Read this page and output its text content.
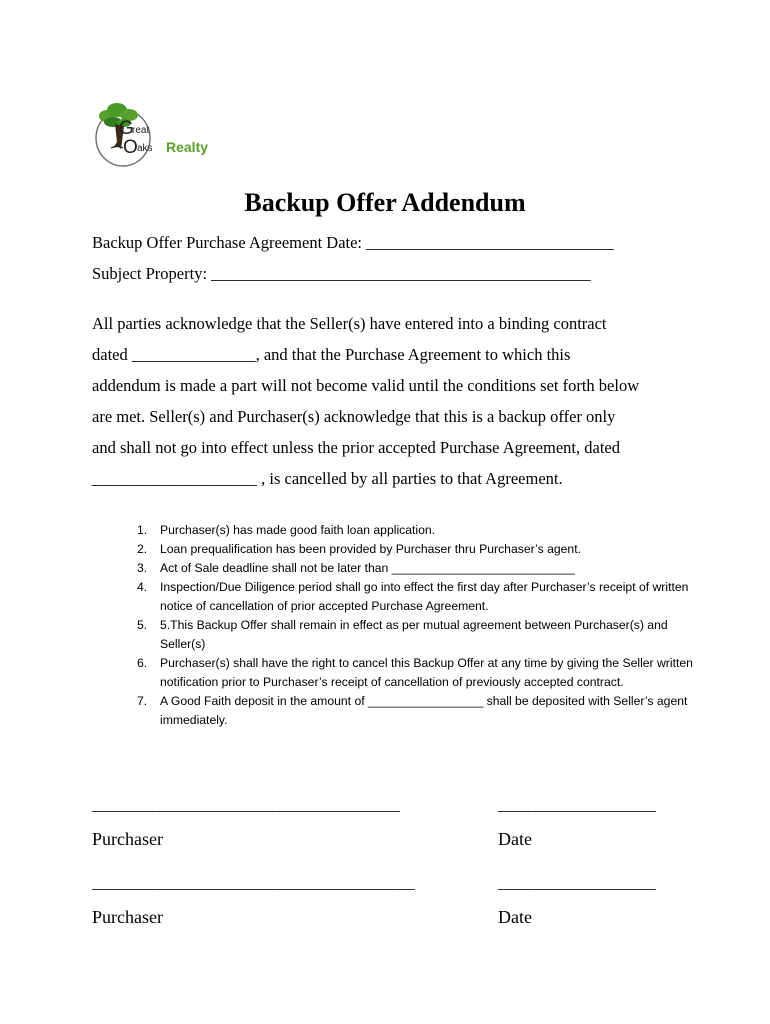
G
reat
O aks Realty
Backup Offer Addendum
Backup Offer Purchase Agreement Date: ______________________________
Subject Property: ______________________________________________
All parties acknowledge that the Seller(s) have entered into a binding contract
dated _______________, and that the Purchase Agreement to which this
addendum is made a part will not become valid until the conditions set forth below
are met. Seller(s) and Purchaser(s) acknowledge that this is a backup offer only
and shall not go into effect unless the prior accepted Purchase Agreement, dated
____________________ , is cancelled by all parties to that Agreement.
1. Purchaser(s) has made good faith loan application.
2. Loan prequalification has been provided by Purchaser thru Purchaser’s agent.
3. Act of Sale deadline shall not be later than ___________________________
4. Inspection/Due Diligence period shall go into effect the first day after Purchaser’s receipt of written notice of cancellation of prior accepted Purchase Agreement.
5. 5.This Backup Offer shall remain in effect as per mutual agreement between Purchaser(s) and Seller(s)
6. Purchaser(s) shall have the right to cancel this Backup Offer at any time by giving the Seller written notification prior to Purchaser’s receipt of cancellation of previously accepted contract.
7. A Good Faith deposit in the amount of _________________ shall be deposited with Seller’s agent immediately.
_________________________________________	_____________________
Purchaser	Date
___________________________________________	_____________________
Purchaser	Date
